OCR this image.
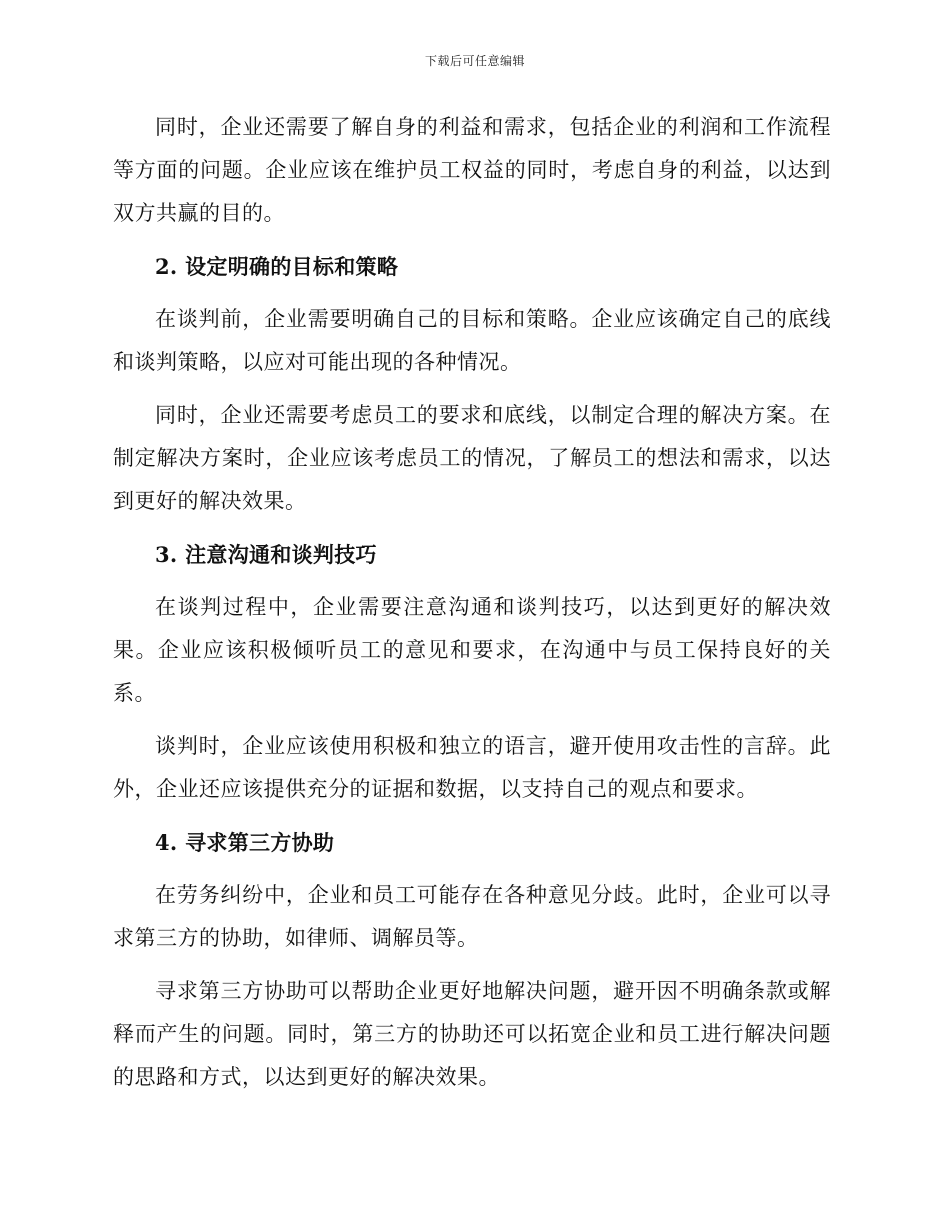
下载后可任意编辑

同时，企业还需要了解自身的利益和需求，包括企业的利润和工作流程等方面的问题。企业应该在维护员工权益的同时，考虑自身的利益，以达到双方共赢的目的。

2. 设定明确的目标和策略

在谈判前，企业需要明确自己的目标和策略。企业应该确定自己的底线和谈判策略，以应对可能出现的各种情况。

同时，企业还需要考虑员工的要求和底线，以制定合理的解决方案。在制定解决方案时，企业应该考虑员工的情况，了解员工的想法和需求，以达到更好的解决效果。

3. 注意沟通和谈判技巧

在谈判过程中，企业需要注意沟通和谈判技巧，以达到更好的解决效果。企业应该积极倾听员工的意见和要求，在沟通中与员工保持良好的关系。

谈判时，企业应该使用积极和独立的语言，避开使用攻击性的言辞。此外，企业还应该提供充分的证据和数据，以支持自己的观点和要求。

4. 寻求第三方协助

在劳务纠纷中，企业和员工可能存在各种意见分歧。此时，企业可以寻求第三方的协助，如律师、调解员等。

寻求第三方协助可以帮助企业更好地解决问题，避开因不明确条款或解释而产生的问题。同时，第三方的协助还可以拓宽企业和员工进行解决问题的思路和方式，以达到更好的解决效果。
